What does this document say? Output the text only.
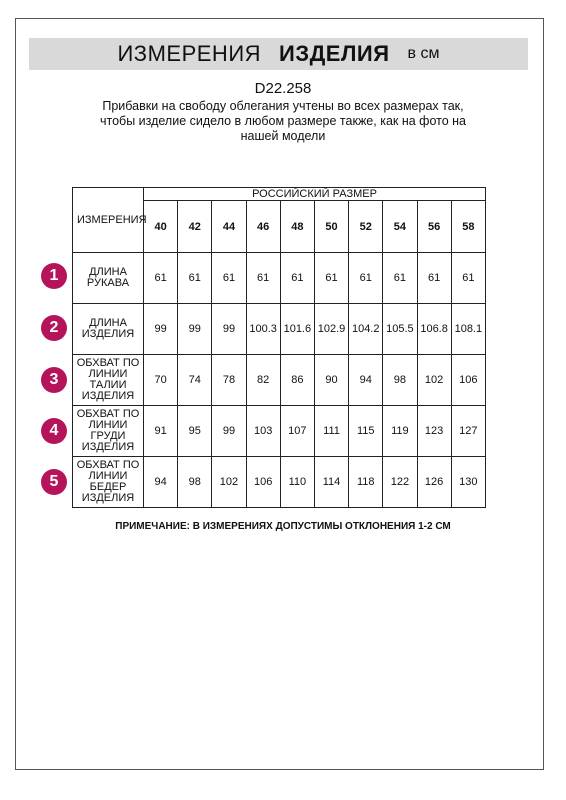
ИЗМЕРЕНИЯ ИЗДЕЛИЯ в см
D22.258
Прибавки на свободу облегания учтены во всех размерах так, чтобы изделие сидело в любом размере также, как на фото на нашей модели
ИЗМЕРЕНИЯ	РОССИЙСКИЙ РАЗМЕР									
	40	42	44	46	48	50	52	54	56	58
ДЛИНА РУКАВА	61	61	61	61	61	61	61	61	61	61
ДЛИНА ИЗДЕЛИЯ	99	99	99	100.3	101.6	102.9	104.2	105.5	106.8	108.1
ОБХВАТ ПО ЛИНИИ ТАЛИИ ИЗДЕЛИЯ	70	74	78	82	86	90	94	98	102	106
ОБХВАТ ПО ЛИНИИ ГРУДИ ИЗДЕЛИЯ	91	95	99	103	107	111	115	119	123	127
ОБХВАТ ПО ЛИНИИ БЕДЕР ИЗДЕЛИЯ	94	98	102	106	110	114	118	122	126	130
1
2
3
4
5
ПРИМЕЧАНИЕ: В ИЗМЕРЕНИЯХ ДОПУСТИМЫ ОТКЛОНЕНИЯ 1-2 СМ
